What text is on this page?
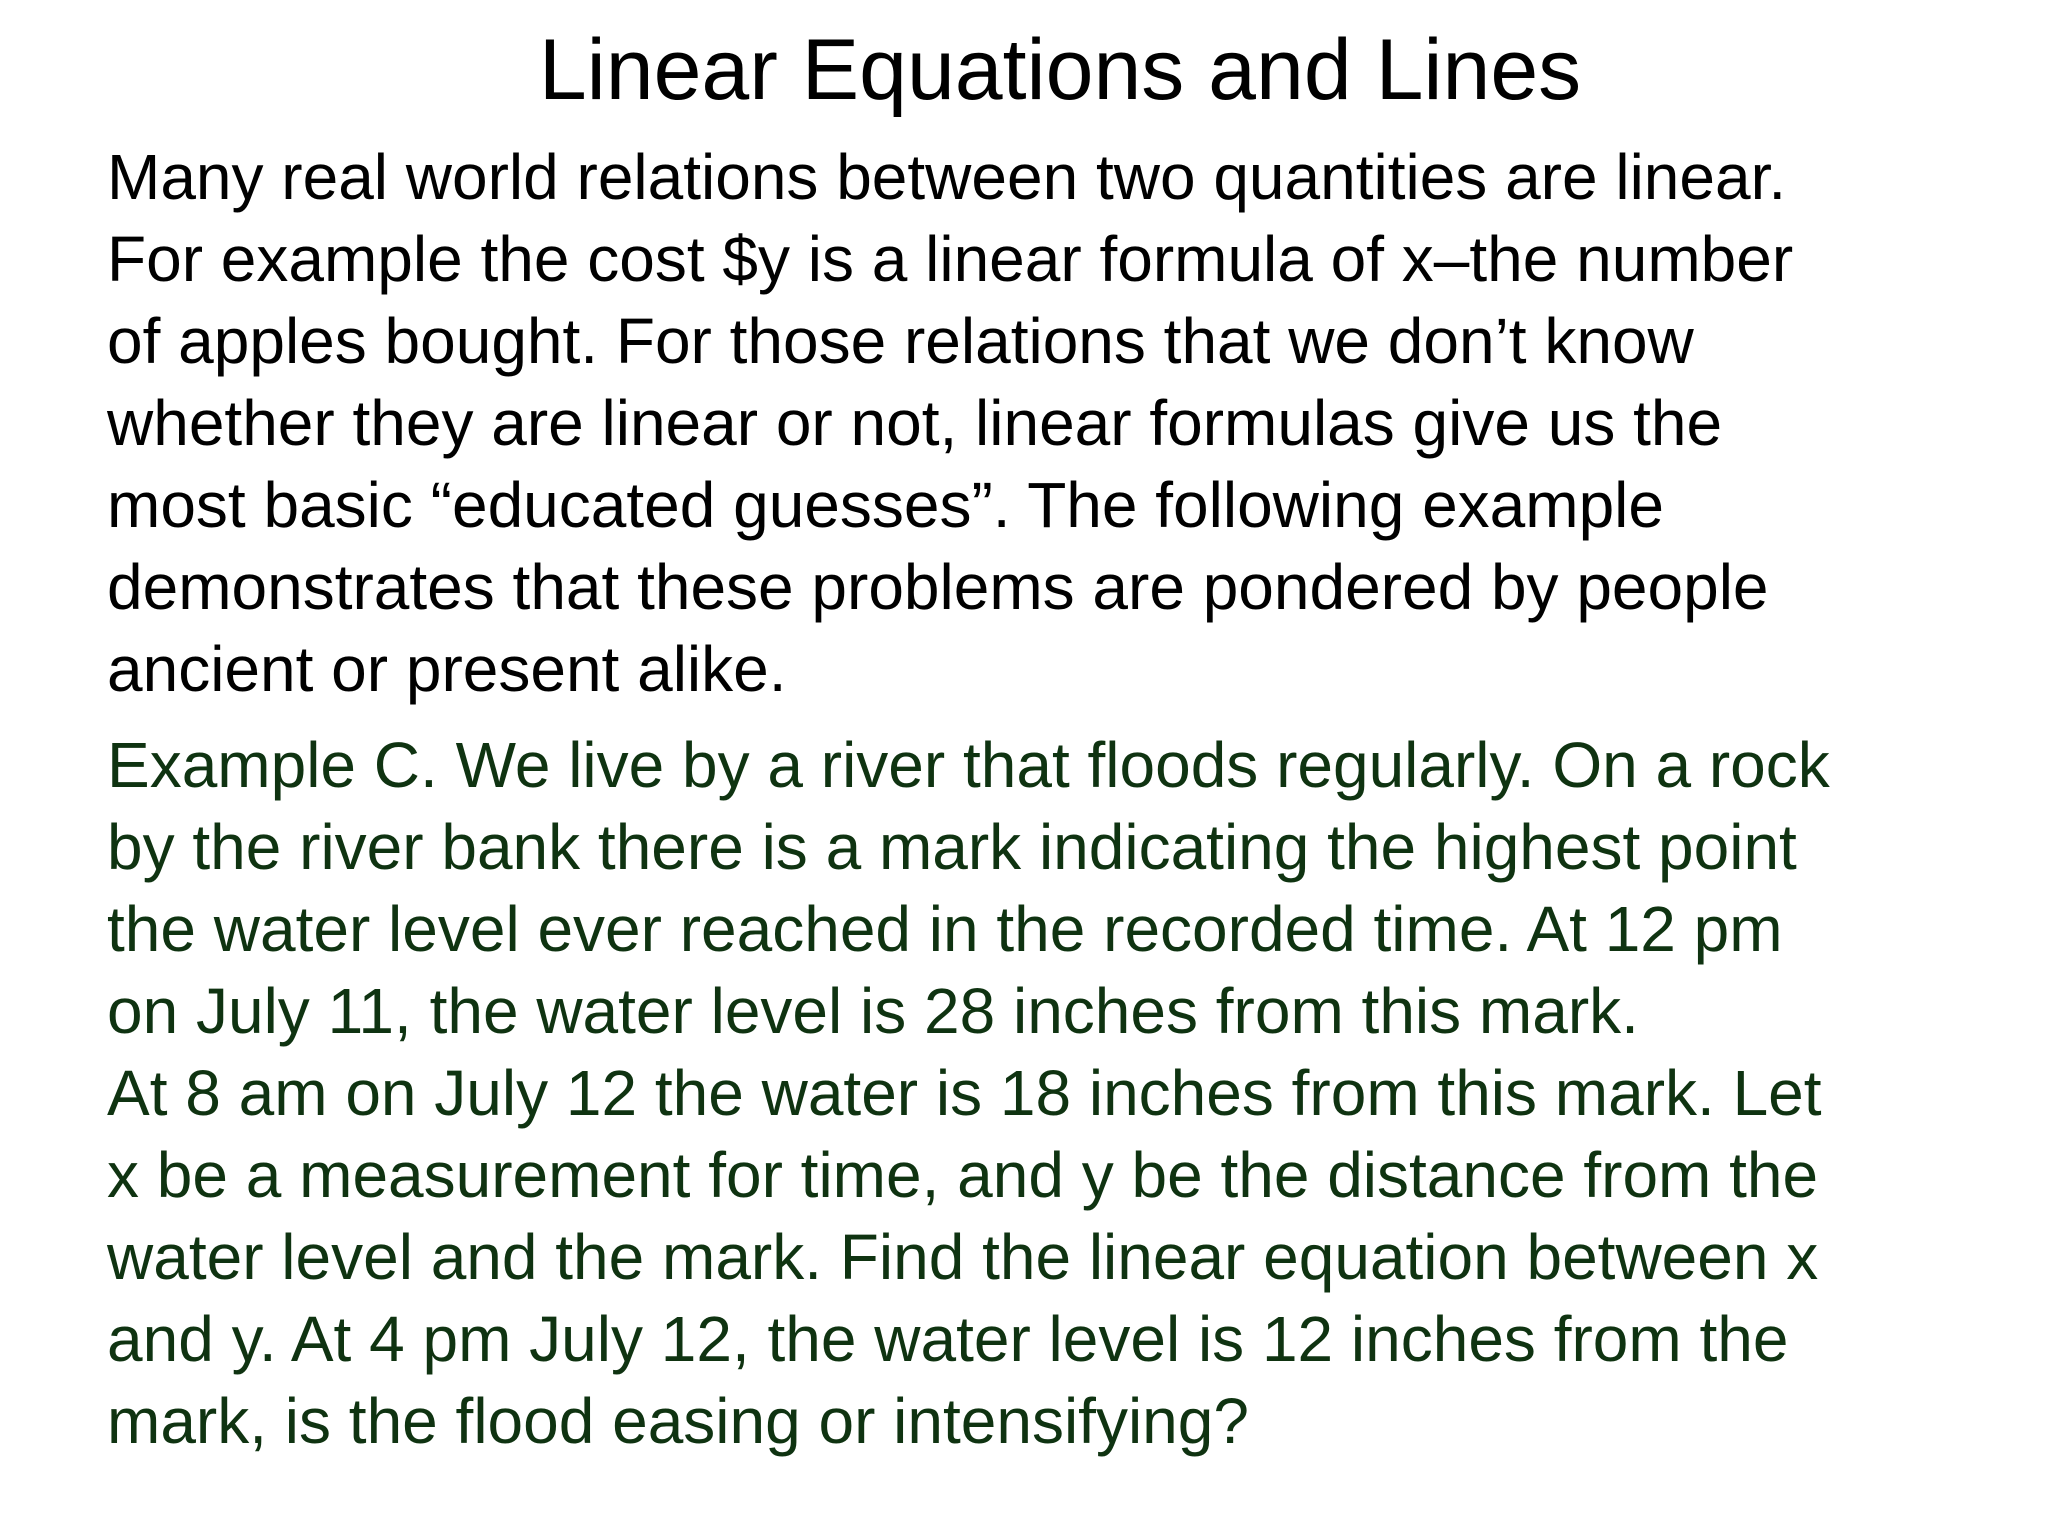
Linear Equations and Lines
Many real world relations between two quantities are linear.
For example the cost $y is a linear formula of x–the number
of apples bought. For those relations that we don’t know
whether they are linear or not, linear formulas give us the
most basic “educated guesses”. The following example
demonstrates that these problems are pondered by people
ancient or present alike.
Example C. We live by a river that floods regularly. On a rock
by the river bank there is a mark indicating the highest point
the water level ever reached in the recorded time. At 12 pm
on July 11, the water level is 28 inches from this mark.
At 8 am on July 12 the water is 18 inches from this mark. Let
x be a measurement for time, and y be the distance from the
water level and the mark. Find the linear equation between x
and y. At 4 pm July 12, the water level is 12 inches from the
mark, is the flood easing or intensifying?
